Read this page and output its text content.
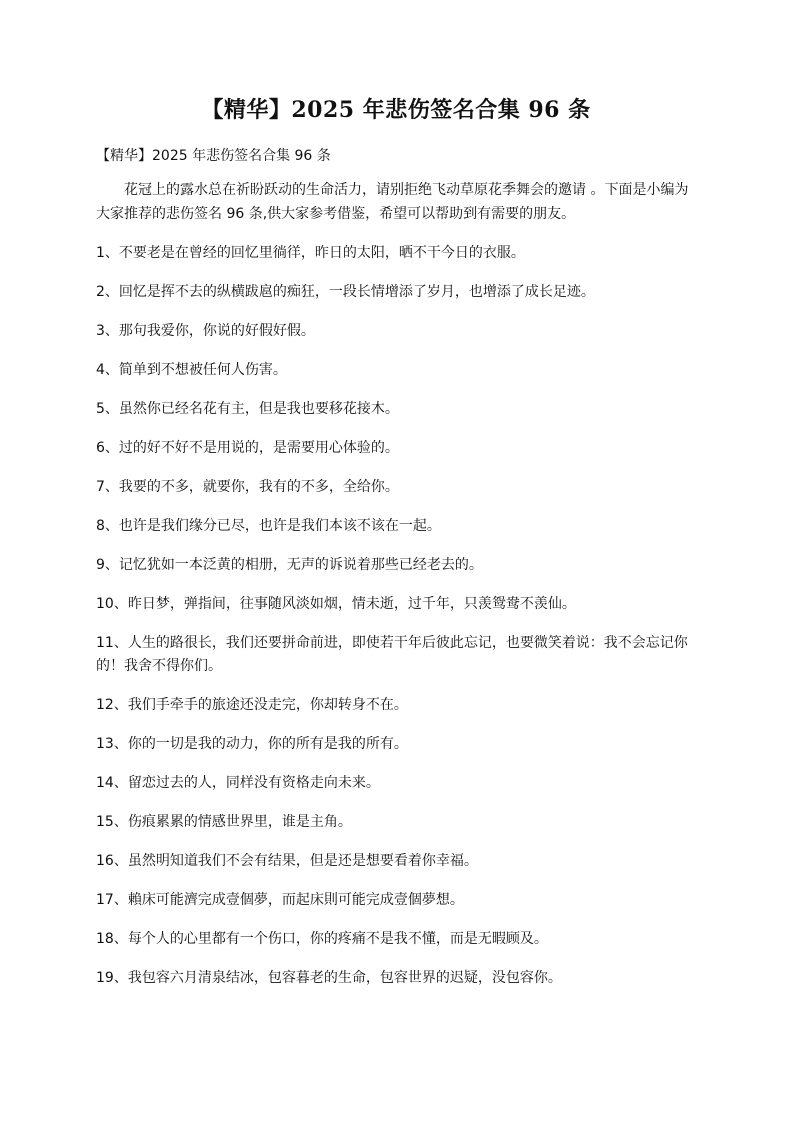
【精华】2025 年悲伤签名合集 96 条

【精华】2025 年悲伤签名合集 96 条

花冠上的露水总在祈盼跃动的生命活力，请别拒绝飞动草原花季舞会的邀请 。下面是小编为大家推荐的悲伤签名 96 条,供大家参考借鉴，希望可以帮助到有需要的朋友。

1、不要老是在曾经的回忆里徜徉，昨日的太阳，晒不干今日的衣服。
2、回忆是挥不去的纵横跋扈的痴狂，一段长情增添了岁月，也增添了成长足迹。
3、那句我爱你，你说的好假好假。
4、简单到不想被任何人伤害。
5、虽然你已经名花有主，但是我也要移花接木。
6、过的好不好不是用说的，是需要用心体验的。
7、我要的不多，就要你，我有的不多，全给你。
8、也许是我们缘分已尽，也许是我们本该不该在一起。
9、记忆犹如一本泛黄的相册，无声的诉说着那些已经老去的。
10、昨日梦，弹指间，往事随风淡如烟，情未逝，过千年，只羡鸳鸯不羡仙。
11、人生的路很长，我们还要拼命前进，即使若干年后彼此忘记，也要微笑着说：我不会忘记你的！我舍不得你们。
12、我们手牵手的旅途还没走完，你却转身不在。
13、你的一切是我的动力，你的所有是我的所有。
14、留恋过去的人，同样没有资格走向未来。
15、伤痕累累的情感世界里，谁是主角。
16、虽然明知道我们不会有结果，但是还是想要看着你幸福。
17、賴床可能濟完成壹個夢，而起床則可能完成壹個夢想。
18、每个人的心里都有一个伤口，你的疼痛不是我不懂，而是无暇顾及。
19、我包容六月清泉结冰，包容暮老的生命，包容世界的迟疑，没包容你。
